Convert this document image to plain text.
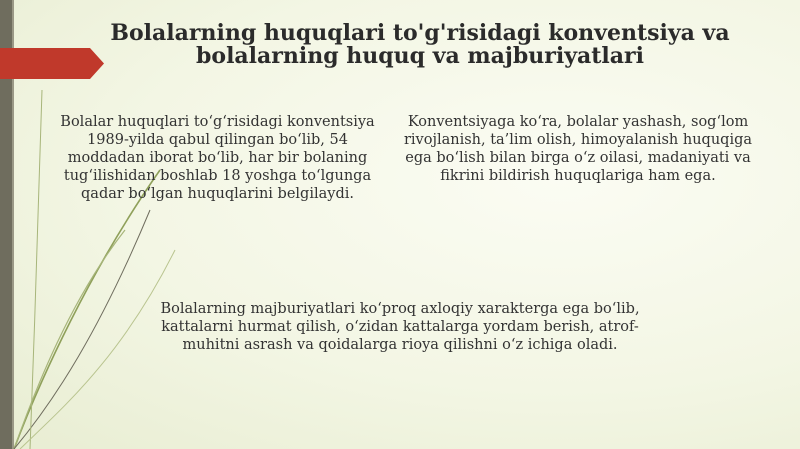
Bolalarning huquqlari to'g'risidagi konventsiya va bolalarning huquq va majburiyatlari

Bolalar huquqlari to‘g‘risidagi konventsiya 1989-yilda qabul qilingan bo‘lib, 54 moddadan iborat bo‘lib, har bir bolaning tug‘ilishidan boshlab 18 yoshga to‘lgunga qadar bo‘lgan huquqlarini belgilaydi.

Konventsiyaga ko‘ra, bolalar yashash, sog‘lom rivojlanish, ta’lim olish, himoyalanish huquqiga ega bo‘lish bilan birga o‘z oilasi, madaniyati va fikrini bildirish huquqlariga ham ega.

Bolalarning majburiyatlari ko‘proq axloqiy xarakterga ega bo‘lib, kattalarni hurmat qilish, o‘zidan kattalarga yordam berish, atrof-muhitni asrash va qoidalarga rioya qilishni o‘z ichiga oladi.
